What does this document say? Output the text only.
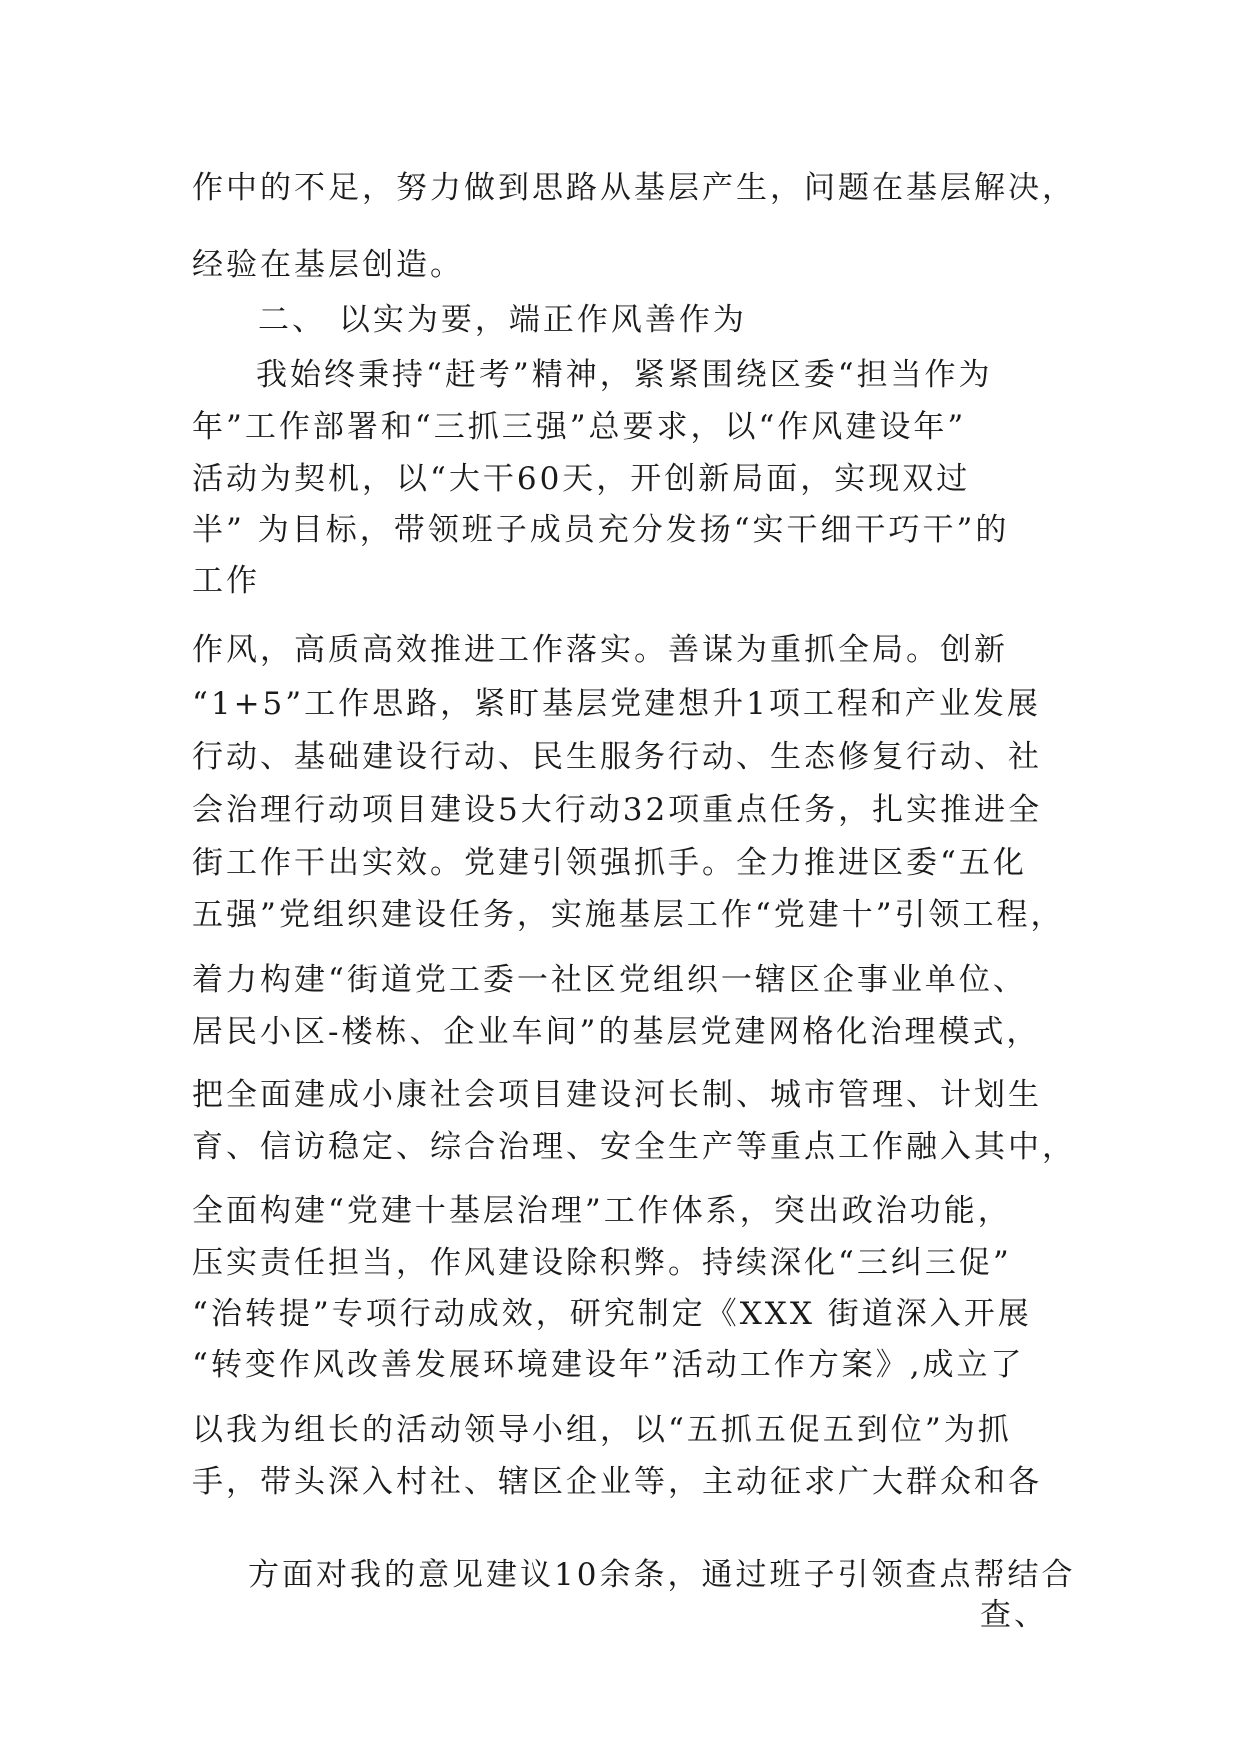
作中的不足，努力做到思路从基层产生，问题在基层解决，
经验在基层创造。
二、 以实为要，端正作风善作为
我始终秉持“赶考”精神，紧紧围绕区委“担当作为
年”工作部署和“三抓三强”总要求，以“作风建设年”
活动为契机，以“大干60天，开创新局面，实现双过
半” 为目标，带领班子成员充分发扬“实干细干巧干”的
工作
作风，高质高效推进工作落实。善谋为重抓全局。创新
“1+5”工作思路，紧盯基层党建想升1项工程和产业发展
行动、基础建设行动、民生服务行动、生态修复行动、社
会治理行动项目建设5大行动32项重点任务，扎实推进全
街工作干出实效。党建引领强抓手。全力推进区委“五化
五强”党组织建设任务，实施基层工作“党建十”引领工程，
着力构建“街道党工委一社区党组织一辖区企事业单位、
居民小区-楼栋、企业车间”的基层党建网格化治理模式，
把全面建成小康社会项目建设河长制、城市管理、计划生
育、信访稳定、综合治理、安全生产等重点工作融入其中，
全面构建“党建十基层治理”工作体系，突出政治功能，
压实责任担当，作风建设除积弊。持续深化“三纠三促”
“治转提”专项行动成效，研究制定《XXX 街道深入开展
“转变作风改善发展环境建设年”活动工作方案》,成立了
以我为组长的活动领导小组，以“五抓五促五到位”为抓
手，带头深入村社、辖区企业等，主动征求广大群众和各
方面对我的意见建议10余条，通过班子引领查点帮结合
查、
